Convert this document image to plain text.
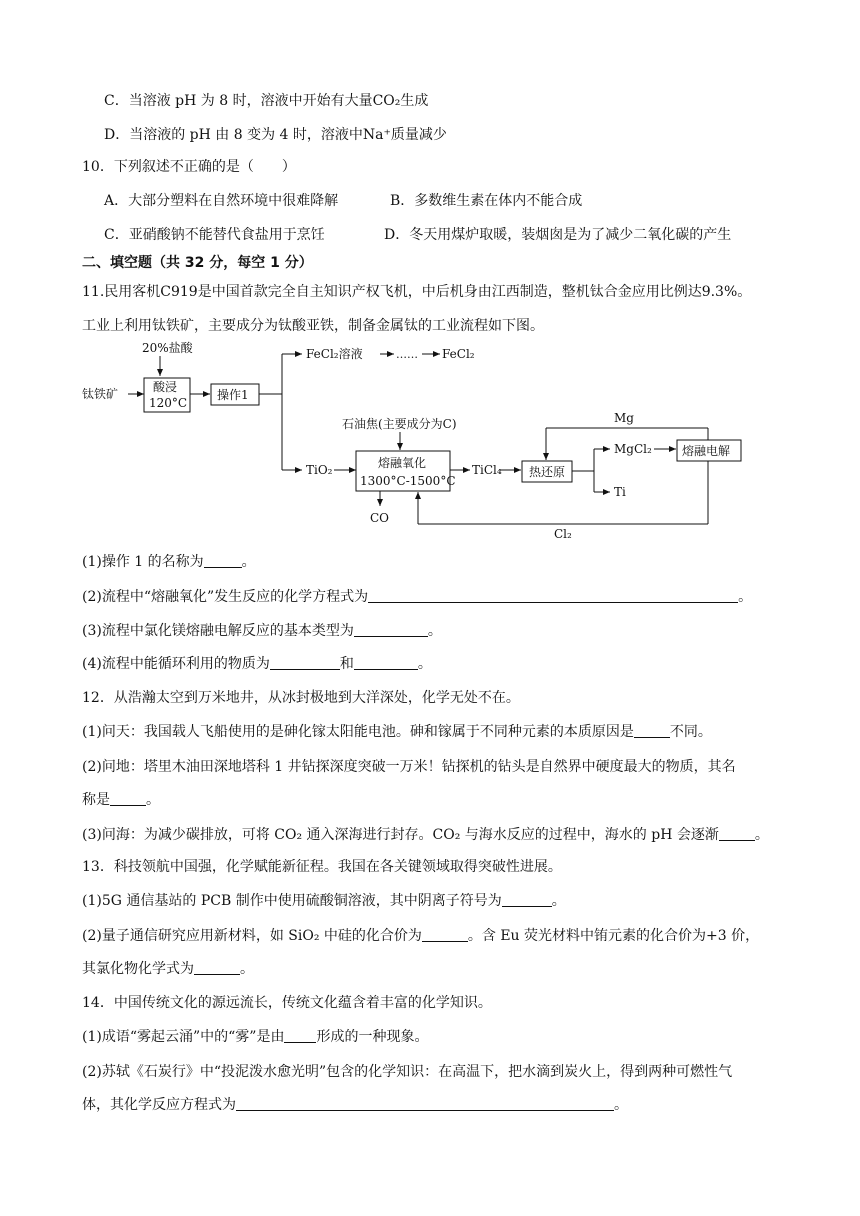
C．当溶液 pH 为 8 时，溶液中开始有大量CO₂生成
D．当溶液的 pH 由 8 变为 4 时，溶液中Na⁺质量减少
10．下列叙述不正确的是（　　）
A．大部分塑料在自然环境中很难降解	B．多数维生素在体内不能合成
C．亚硝酸钠不能替代食盐用于烹饪	D．冬天用煤炉取暖，装烟囱是为了减少二氧化碳的产生
二、填空题（共 32 分，每空 1 分）
11.民用客机C919是中国首款完全自主知识产权飞机，中后机身由江西制造，整机钛合金应用比例达9.3%。
工业上利用钛铁矿，主要成分为钛酸亚铁，制备金属钛的工业流程如下图。
20%盐酸
钛铁矿	酸浸
120°C
操作1
FeCl₂溶液	…… FeCl₂
石油焦(主要成分为C)
熔融氧化
1300°C-1500°C
TiO₂
CO
TiCl₄ 热还原
Mg
MgCl₂
Ti
熔融电解
Cl₂
(1)操作 1 的名称为	。
(2)流程中“熔融氧化”发生反应的化学方程式为	。
(3)流程中氯化镁熔融电解反应的基本类型为	。
(4)流程中能循环利用的物质为	和	。
12．从浩瀚太空到万米地井，从冰封极地到大洋深处，化学无处不在。
(1)问天：我国载人飞船使用的是砷化镓太阳能电池。砷和镓属于不同种元素的本质原因是	不同。
(2)问地：塔里木油田深地塔科 1 井钻探深度突破一万米！钻探机的钻头是自然界中硬度最大的物质，其名
称是	。
(3)问海：为减少碳排放，可将 CO₂ 通入深海进行封存。CO₂ 与海水反应的过程中，海水的 pH 会逐渐	。
13．科技领航中国强，化学赋能新征程。我国在各关键领域取得突破性进展。
(1)5G 通信基站的 PCB 制作中使用硫酸铜溶液，其中阴离子符号为	。
(2)量子通信研究应用新材料，如 SiO₂ 中硅的化合价为	。含 Eu 荧光材料中铕元素的化合价为+3 价，
其氯化物化学式为	。
14．中国传统文化的源远流长，传统文化蕴含着丰富的化学知识。
(1)成语“雾起云涌”中的“雾”是由 形成的一种现象。
(2)苏轼《石炭行》中“投泥泼水愈光明”包含的化学知识：在高温下，把水滴到炭火上，得到两种可燃性气
体，其化学反应方程式为	。
